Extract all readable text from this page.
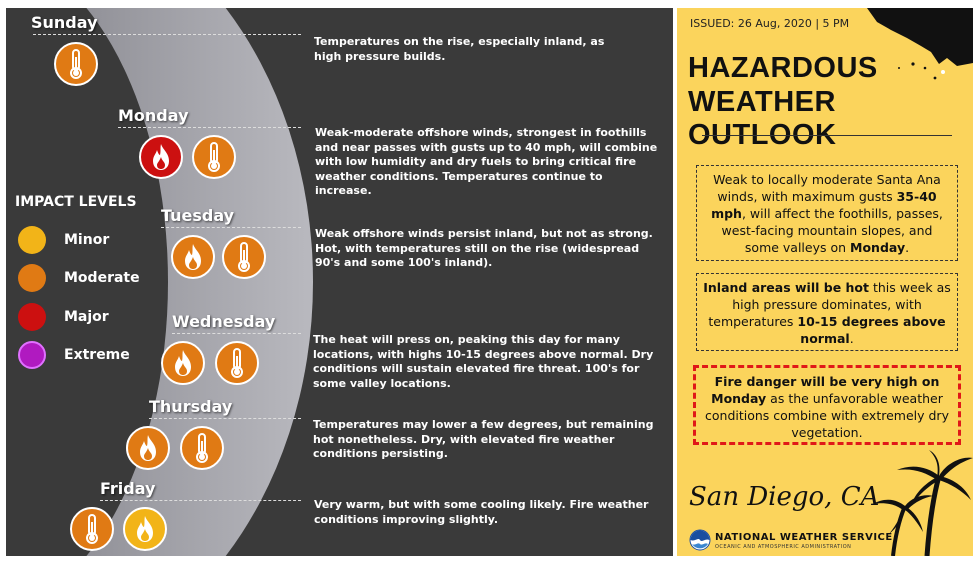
IMPACT LEVELS
Minor
Moderate
Major
Extreme
Sunday
Temperatures on the rise, especially inland, as high pressure builds.
Monday
Weak-moderate offshore winds, strongest in foothills and near passes with gusts up to 40 mph, will combine with low humidity and dry fuels to bring critical fire weather conditions. Temperatures continue to increase.
Tuesday
Weak offshore winds persist inland, but not as strong. Hot, with temperatures still on the rise (widespread 90's and some 100's inland).
Wednesday
The heat will press on, peaking this day for many locations, with highs 10-15 degrees above normal. Dry conditions will sustain elevated fire threat. 100's for some valley locations.
Thursday
Temperatures may lower a few degrees, but remaining hot nonetheless. Dry, with elevated fire weather conditions persisting.
Friday
Very warm, but with some cooling likely. Fire weather conditions improving slightly.
ISSUED: 26 Aug, 2020 | 5 PM
HAZARDOUS
WEATHER OUTLOOK
Weak to locally moderate Santa Ana winds, with maximum gusts 35-40 mph, will affect the foothills, passes, west-facing mountain slopes, and some valleys on Monday.
Inland areas will be hot this week as high pressure dominates, with temperatures 10-15 degrees above normal.
Fire danger will be very high on Monday as the unfavorable weather conditions combine with extremely dry vegetation.
San Diego, CA
NATIONAL WEATHER SERVICE
OCEANIC AND ATMOSPHERIC ADMINISTRATION
